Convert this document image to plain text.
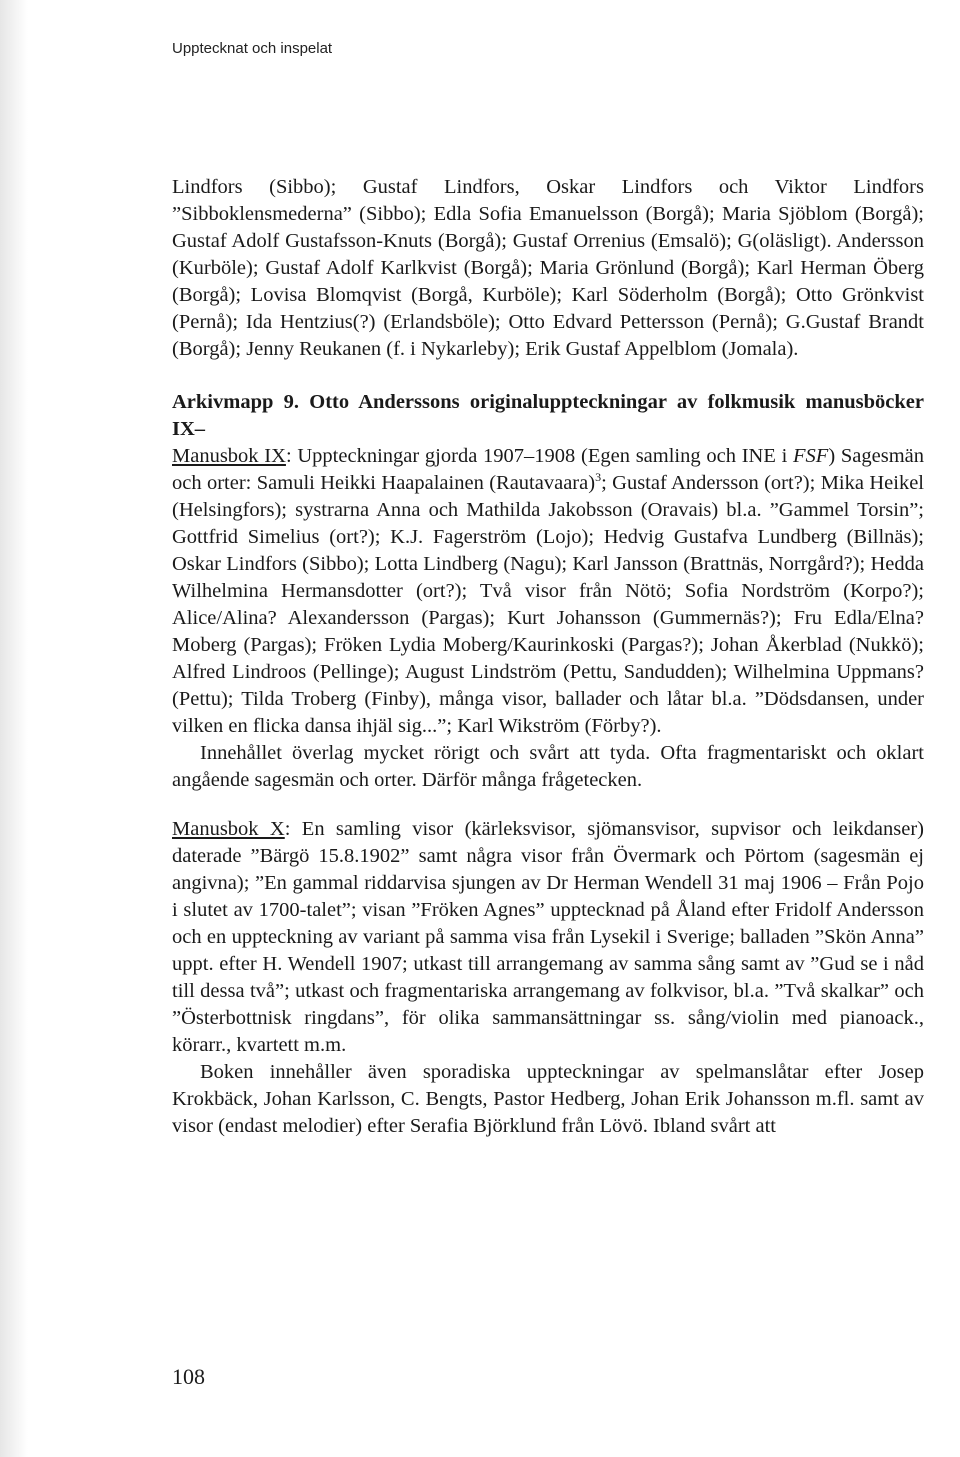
Upptecknat och inspelat

Lindfors (Sibbo); Gustaf Lindfors, Oskar Lindfors och Viktor Lindfors ”Sibboklensmederna” (Sibbo); Edla Sofia Emanuelsson (Borgå); Maria Sjöblom (Borgå); Gustaf Adolf Gustafsson-Knuts (Borgå); Gustaf Orrenius (Emsalö); G(oläsligt). Andersson (Kurböle); Gustaf Adolf Karlkvist (Borgå); Maria Grönlund (Borgå); Karl Herman Öberg (Borgå); Lovisa Blomqvist (Borgå, Kurböle); Karl Söderholm (Borgå); Otto Grönkvist (Pernå); Ida Hentzius(?) (Erlandsböle); Otto Edvard Pettersson (Pernå); G.Gustaf Brandt (Borgå); Jenny Reukanen (f. i Nykarleby); Erik Gustaf Appelblom (Jomala).

Arkivmapp 9. Otto Anderssons originaluppteckningar av folkmusik manusböcker IX–

Manusbok IX: Uppteckningar gjorda 1907–1908 (Egen samling och INE i FSF) Sagesmän och orter: Samuli Heikki Haapalainen (Rautavaara)$^3$; Gustaf Andersson (ort?); Mika Heikel (Helsingfors); systrarna Anna och Mathilda Jakobsson (Oravais) bl.a. ”Gammel Torsin”; Gottfrid Simelius (ort?); K.J. Fagerström (Lojo); Hedvig Gustafva Lundberg (Billnäs); Oskar Lindfors (Sibbo); Lotta Lindberg (Nagu); Karl Jansson (Brattnäs, Norrgård?); Hedda Wilhelmina Hermansdotter (ort?); Två visor från Nötö; Sofia Nordström (Korpo?); Alice/Alina? Alexandersson (Pargas); Kurt Johansson (Gummernäs?); Fru Edla/Elna? Moberg (Pargas); Fröken Lydia Moberg/Kaurinkoski (Pargas?); Johan Åkerblad (Nukkö); Alfred Lindroos (Pellinge); August Lindström (Pettu, Sandudden); Wilhelmina Uppmans? (Pettu); Tilda Troberg (Finby), många visor, ballader och låtar bl.a. ”Dödsdansen, under vilken en flicka dansa ihjäl sig...”; Karl Wikström (Förby?).

Innehållet överlag mycket rörigt och svårt att tyda. Ofta fragmentariskt och oklart angående sagesmän och orter. Därför många frågetecken.

Manusbok X: En samling visor (kärleksvisor, sjömansvisor, supvisor och leikdanser) daterade ”Bärgö 15.8.1902” samt några visor från Övermark och Pörtom (sagesmän ej angivna); ”En gammal riddarvisa sjungen av Dr Herman Wendell 31 maj 1906 – Från Pojo i slutet av 1700-talet”; visan ”Fröken Agnes” upptecknad på Åland efter Fridolf Andersson och en uppteckning av variant på samma visa från Lysekil i Sverige; balladen ”Skön Anna” uppt. efter H. Wendell 1907; utkast till arrangemang av samma sång samt av ”Gud se i nåd till dessa två”; utkast och fragmentariska arrangemang av folkvisor, bl.a. ”Två skalkar” och ”Österbottnisk ringdans”, för olika sammansättningar ss. sång/violin med pianoack., körarr., kvartett m.m.

Boken innehåller även sporadiska uppteckningar av spelmanslåtar efter Josep Krokbäck, Johan Karlsson, C. Bengts, Pastor Hedberg, Johan Erik Johansson m.fl. samt av visor (endast melodier) efter Serafia Björklund från Lövö. Ibland svårt att

108
